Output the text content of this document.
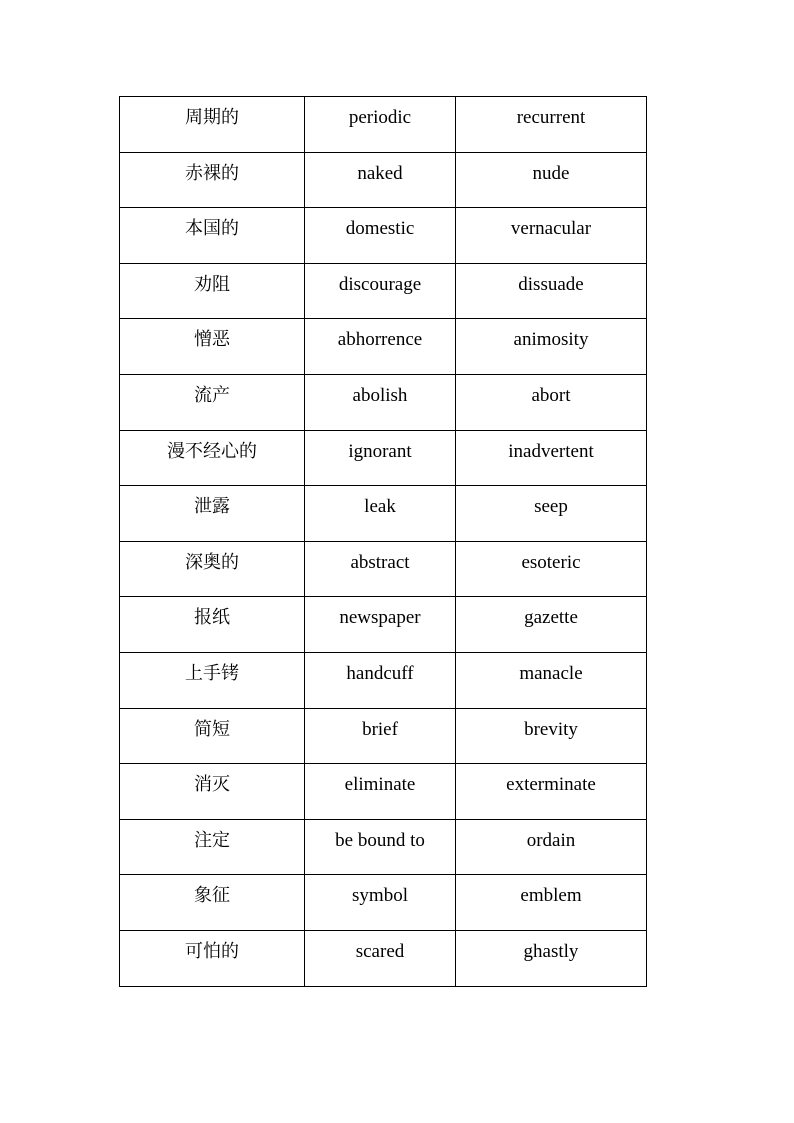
周期的	periodic	recurrent

赤裸的	naked	nude

本国的	domestic	vernacular

劝阻	discourage	dissuade

憎恶	abhorrence	animosity

流产	abolish	abort

漫不经心的	ignorant	inadvertent

泄露	leak	seep

深奥的	abstract	esoteric

报纸	newspaper	gazette

上手铐	handcuff	manacle

简短	brief	brevity

消灭	eliminate	exterminate

注定	be bound to	ordain

象征	symbol	emblem

可怕的	scared	ghastly
